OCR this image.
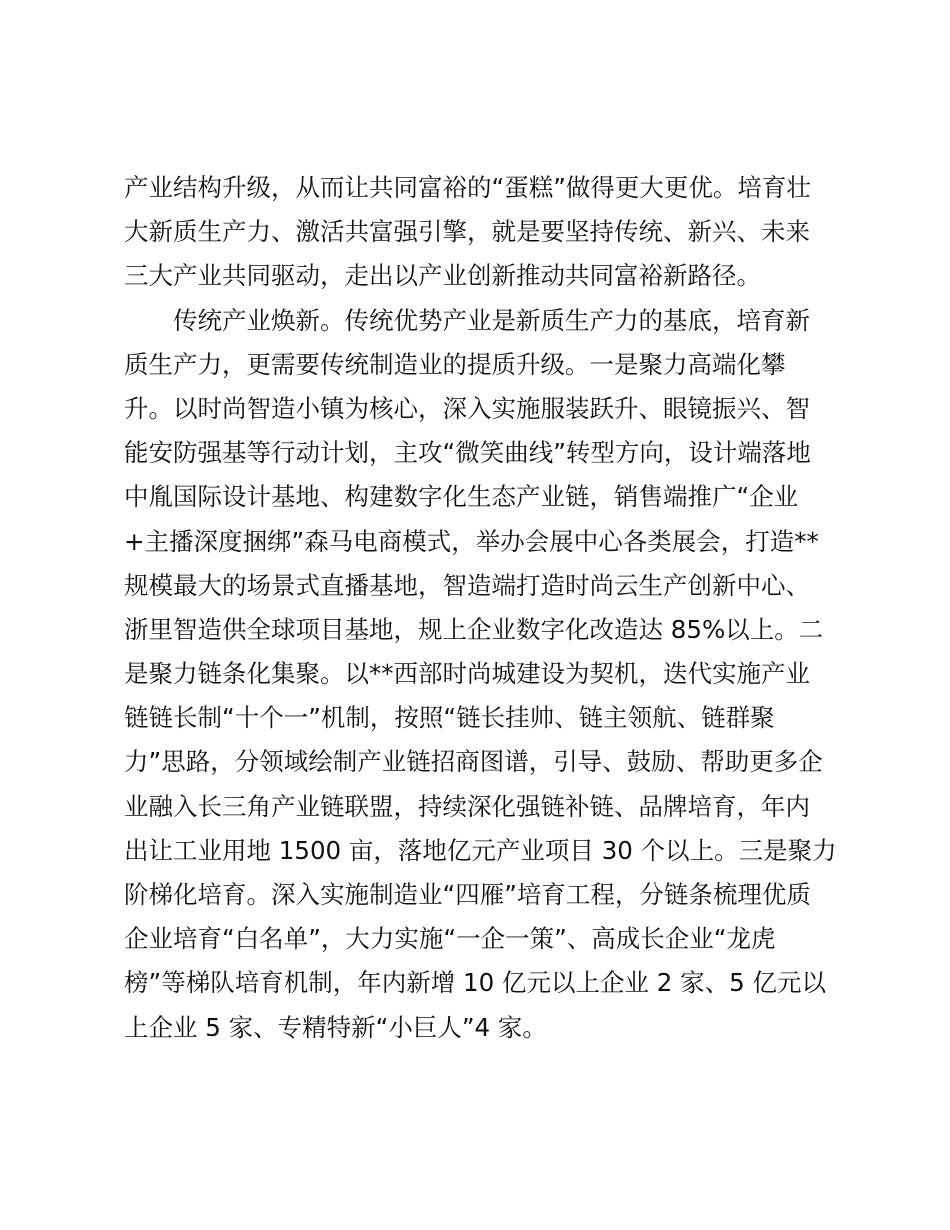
产业结构升级，从而让共同富裕的“蛋糕”做得更大更优。培育壮

大新质生产力、激活共富强引擎，就是要坚持传统、新兴、未来

三大产业共同驱动，走出以产业创新推动共同富裕新路径。

传统产业焕新。传统优势产业是新质生产力的基底，培育新

质生产力，更需要传统制造业的提质升级。一是聚力高端化攀

升。以时尚智造小镇为核心，深入实施服装跃升、眼镜振兴、智

能安防强基等行动计划，主攻“微笑曲线”转型方向，设计端落地

中胤国际设计基地、构建数字化生态产业链，销售端推广“企业

+主播深度捆绑”森马电商模式，举办会展中心各类展会，打造**

规模最大的场景式直播基地，智造端打造时尚云生产创新中心、

浙里智造供全球项目基地，规上企业数字化改造达 85%以上。二

是聚力链条化集聚。以**西部时尚城建设为契机，迭代实施产业

链链长制“十个一”机制，按照“链长挂帅、链主领航、链群聚

力”思路，分领域绘制产业链招商图谱，引导、鼓励、帮助更多企

业融入长三角产业链联盟，持续深化强链补链、品牌培育，年内

出让工业用地 1500 亩，落地亿元产业项目 30 个以上。三是聚力

阶梯化培育。深入实施制造业“四雁”培育工程，分链条梳理优质

企业培育“白名单”，大力实施“一企一策”、高成长企业“龙虎

榜”等梯队培育机制，年内新增 10 亿元以上企业 2 家、5 亿元以

上企业 5 家、专精特新“小巨人”4 家。
